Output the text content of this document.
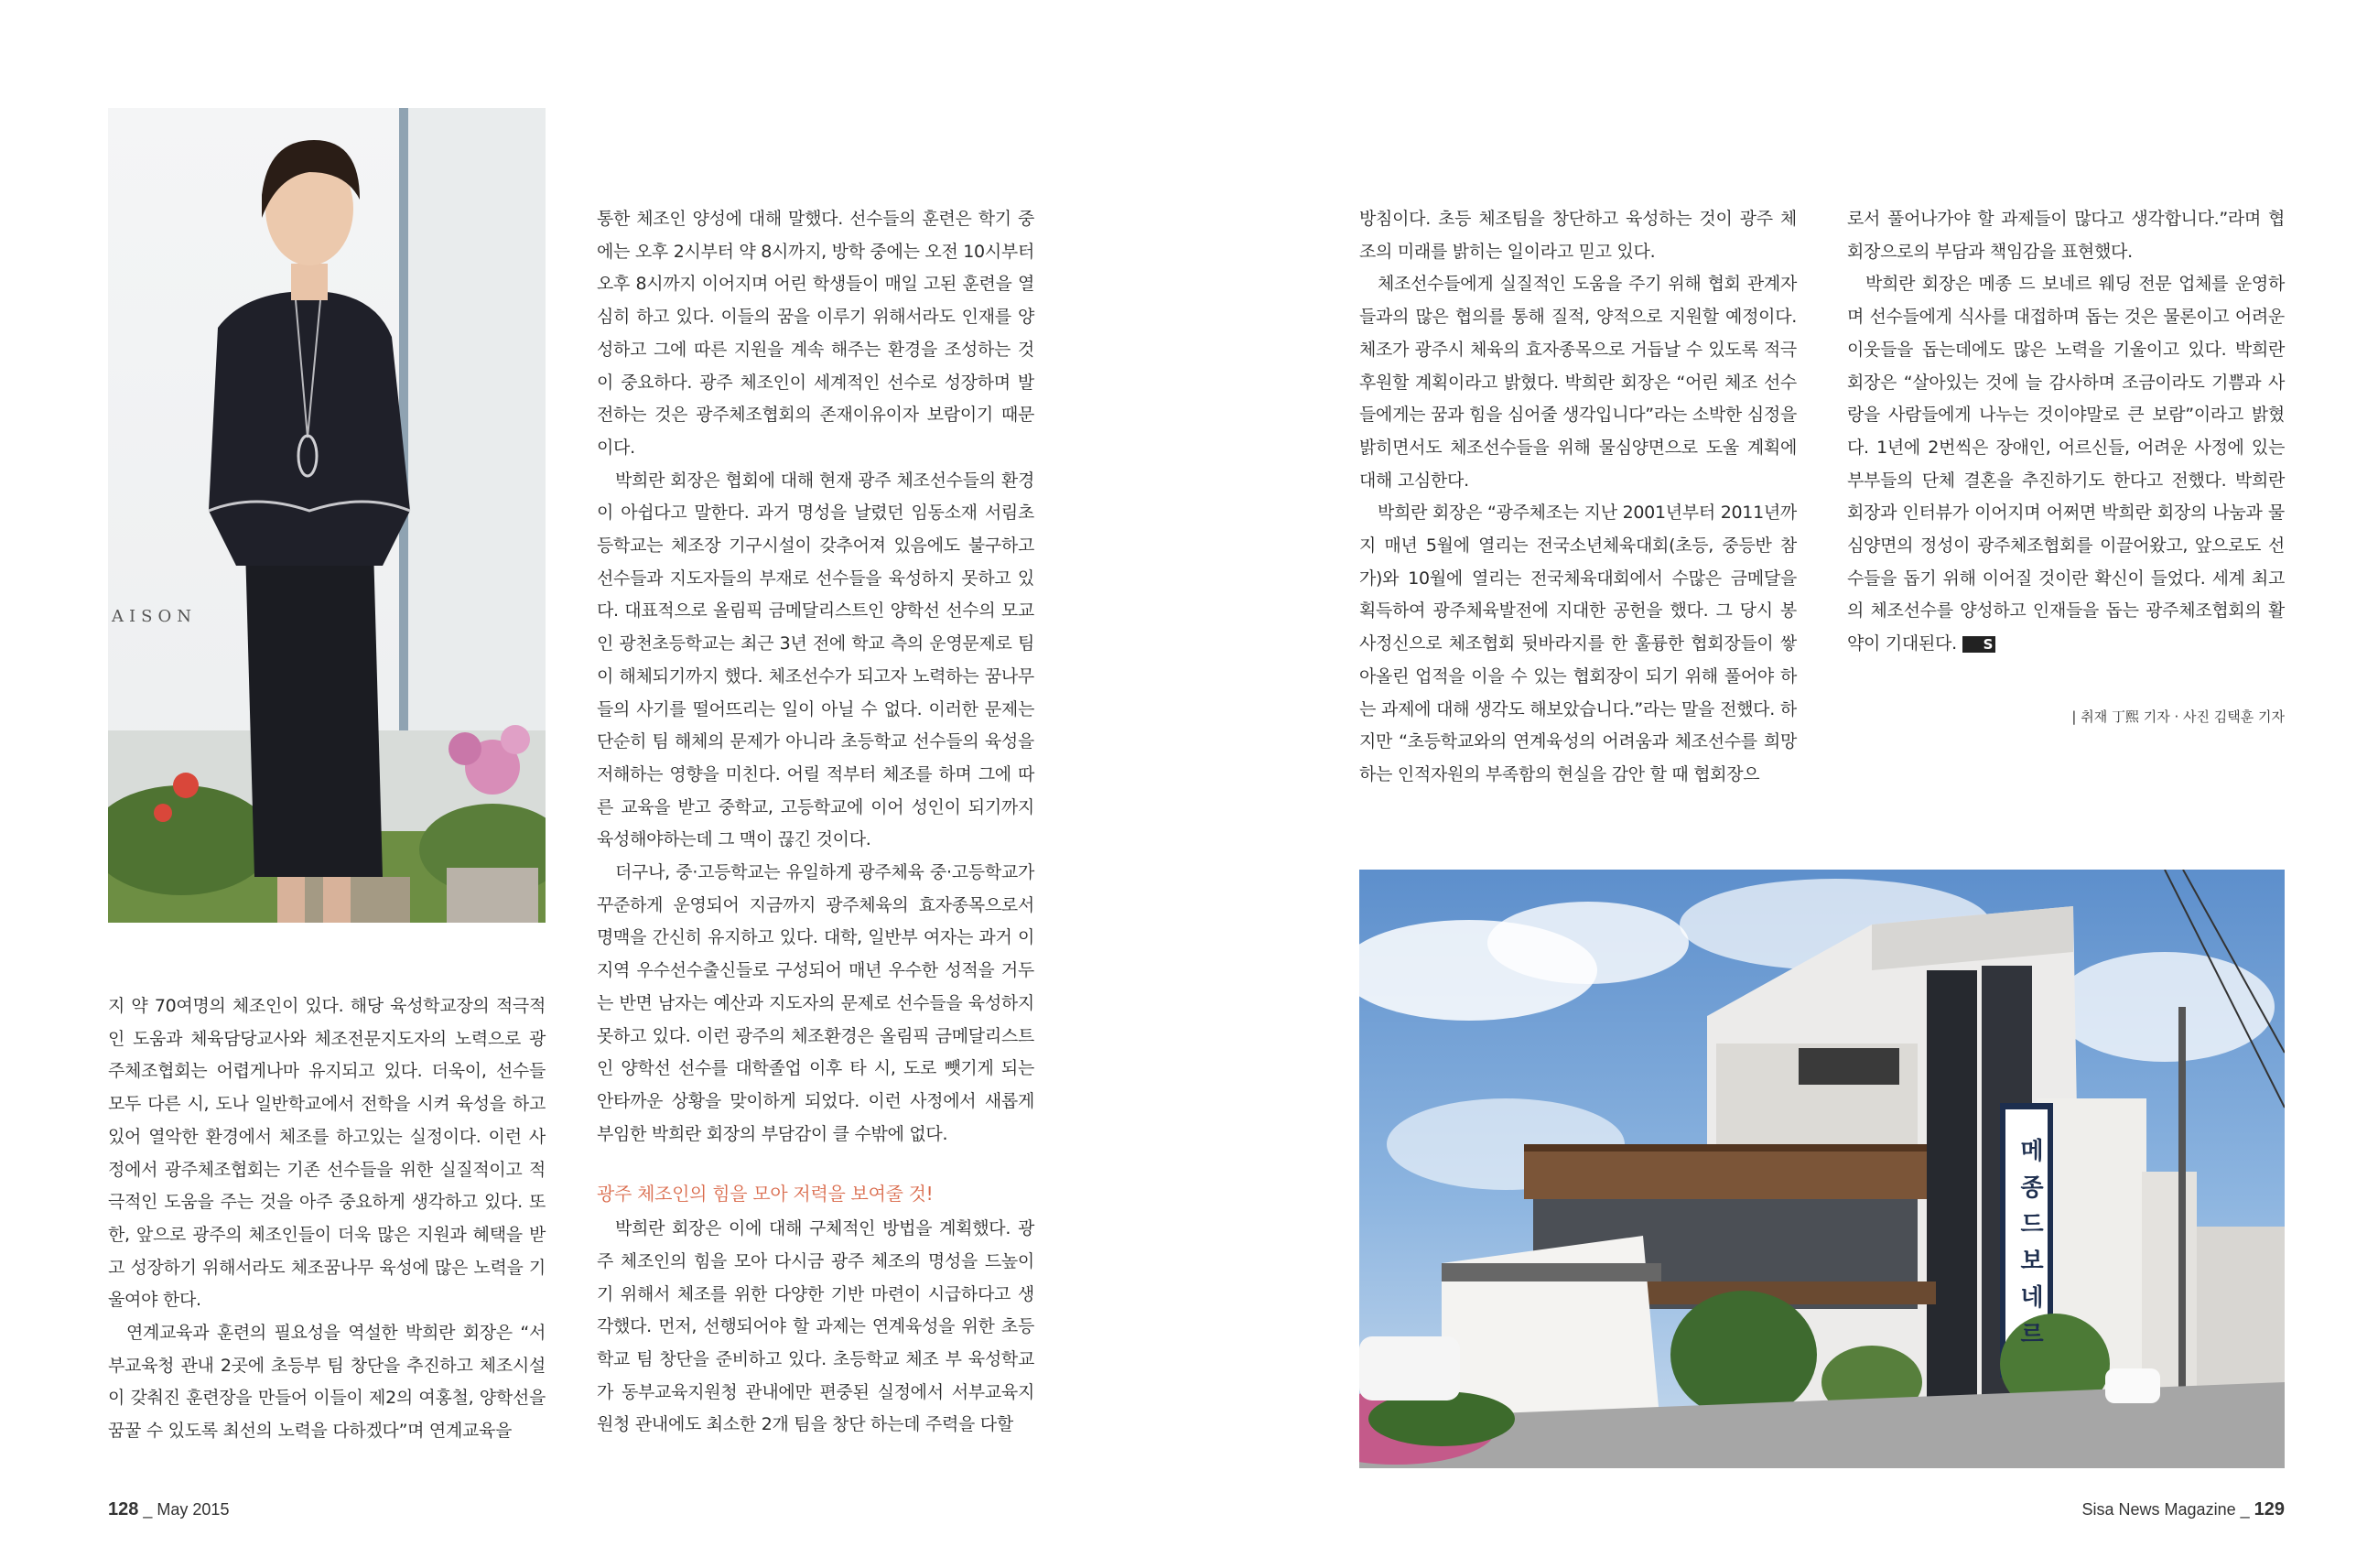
AISON

지 약 70여명의 체조인이 있다. 해당 육성학교장의 적극적인 도움과 체육담당교사와 체조전문지도자의 노력으로 광주체조협회는 어렵게나마 유지되고 있다. 더욱이, 선수들 모두 다른 시, 도나 일반학교에서 전학을 시켜 육성을 하고 있어 열악한 환경에서 체조를 하고있는 실정이다. 이런 사정에서 광주체조협회는 기존 선수들을 위한 실질적이고 적극적인 도움을 주는 것을 아주 중요하게 생각하고 있다. 또한, 앞으로 광주의 체조인들이 더욱 많은 지원과 혜택을 받고 성장하기 위해서라도 체조꿈나무 육성에 많은 노력을 기울여야 한다.

연계교육과 훈련의 필요성을 역설한 박희란 회장은 “서부교육청 관내 2곳에 초등부 팀 창단을 추진하고 체조시설이 갖춰진 훈련장을 만들어 이들이 제2의 여홍철, 양학선을 꿈꿀 수 있도록 최선의 노력을 다하겠다”며 연계교육을

통한 체조인 양성에 대해 말했다. 선수들의 훈련은 학기 중에는 오후 2시부터 약 8시까지, 방학 중에는 오전 10시부터 오후 8시까지 이어지며 어린 학생들이 매일 고된 훈련을 열심히 하고 있다. 이들의 꿈을 이루기 위해서라도 인재를 양성하고 그에 따른 지원을 계속 해주는 환경을 조성하는 것이 중요하다. 광주 체조인이 세계적인 선수로 성장하며 발전하는 것은 광주체조협회의 존재이유이자 보람이기 때문이다.

박희란 회장은 협회에 대해 현재 광주 체조선수들의 환경이 아쉽다고 말한다. 과거 명성을 날렸던 임동소재 서림초등학교는 체조장 기구시설이 갖추어져 있음에도 불구하고 선수들과 지도자들의 부재로 선수들을 육성하지 못하고 있다. 대표적으로 올림픽 금메달리스트인 양학선 선수의 모교인 광천초등학교는 최근 3년 전에 학교 측의 운영문제로 팀이 해체되기까지 했다. 체조선수가 되고자 노력하는 꿈나무들의 사기를 떨어뜨리는 일이 아닐 수 없다. 이러한 문제는 단순히 팀 해체의 문제가 아니라 초등학교 선수들의 육성을 저해하는 영향을 미친다. 어릴 적부터 체조를 하며 그에 따른 교육을 받고 중학교, 고등학교에 이어 성인이 되기까지 육성해야하는데 그 맥이 끊긴 것이다.

더구나, 중·고등학교는 유일하게 광주체육 중·고등학교가 꾸준하게 운영되어 지금까지 광주체육의 효자종목으로서 명맥을 간신히 유지하고 있다. 대학, 일반부 여자는 과거 이 지역 우수선수출신들로 구성되어 매년 우수한 성적을 거두는 반면 남자는 예산과 지도자의 문제로 선수들을 육성하지 못하고 있다. 이런 광주의 체조환경은 올림픽 금메달리스트인 양학선 선수를 대학졸업 이후 타 시, 도로 뺏기게 되는 안타까운 상황을 맞이하게 되었다. 이런 사정에서 새롭게 부임한 박희란 회장의 부담감이 클 수밖에 없다.

광주 체조인의 힘을 모아 저력을 보여줄 것!

박희란 회장은 이에 대해 구체적인 방법을 계획했다. 광주 체조인의 힘을 모아 다시금 광주 체조의 명성을 드높이기 위해서 체조를 위한 다양한 기반 마련이 시급하다고 생각했다. 먼저, 선행되어야 할 과제는 연계육성을 위한 초등학교 팀 창단을 준비하고 있다. 초등학교 체조 부 육성학교가 동부교육지원청 관내에만 편중된 실정에서 서부교육지원청 관내에도 최소한 2개 팀을 창단 하는데 주력을 다할

128 _ May 2015

방침이다. 초등 체조팀을 창단하고 육성하는 것이 광주 체조의 미래를 밝히는 일이라고 믿고 있다.

체조선수들에게 실질적인 도움을 주기 위해 협회 관계자들과의 많은 협의를 통해 질적, 양적으로 지원할 예정이다. 체조가 광주시 체육의 효자종목으로 거듭날 수 있도록 적극 후원할 계획이라고 밝혔다. 박희란 회장은 “어린 체조 선수들에게는 꿈과 힘을 심어줄 생각입니다”라는 소박한 심정을 밝히면서도 체조선수들을 위해 물심양면으로 도울 계획에 대해 고심한다.

박희란 회장은 “광주체조는 지난 2001년부터 2011년까지 매년 5월에 열리는 전국소년체육대회(초등, 중등반 참가)와 10월에 열리는 전국체육대회에서 수많은 금메달을 획득하여 광주체육발전에 지대한 공헌을 했다. 그 당시 봉사정신으로 체조협회 뒷바라지를 한 훌륭한 협회장들이 쌓아올린 업적을 이을 수 있는 협회장이 되기 위해 풀어야 하는 과제에 대해 생각도 해보았습니다.”라는 말을 전했다. 하지만 “초등학교와의 연계육성의 어려움과 체조선수를 희망하는 인적자원의 부족함의 현실을 감안 할 때 협회장으

로서 풀어나가야 할 과제들이 많다고 생각합니다.”라며 협회장으로의 부담과 책임감을 표현했다.

박희란 회장은 메종 드 보네르 웨딩 전문 업체를 운영하며 선수들에게 식사를 대접하며 돕는 것은 물론이고 어려운 이웃들을 돕는데에도 많은 노력을 기울이고 있다. 박희란 회장은 “살아있는 것에 늘 감사하며 조금이라도 기쁨과 사랑을 사람들에게 나누는 것이야말로 큰 보람”이라고 밝혔다. 1년에 2번씩은 장애인, 어르신들, 어려운 사정에 있는 부부들의 단체 결혼을 추진하기도 한다고 전했다. 박희란 회장과 인터뷰가 이어지며 어쩌면 박희란 회장의 나눔과 물심양면의 정성이 광주체조협회를 이끌어왔고, 앞으로도 선수들을 돕기 위해 이어질 것이란 확신이 들었다. 세계 최고의 체조선수를 양성하고 인재들을 돕는 광주체조협회의 활약이 기대된다. S

| 취재 丁熙 기자 · 사진 김택훈 기자
메종드보네르
Sisa News Magazine _ 129
